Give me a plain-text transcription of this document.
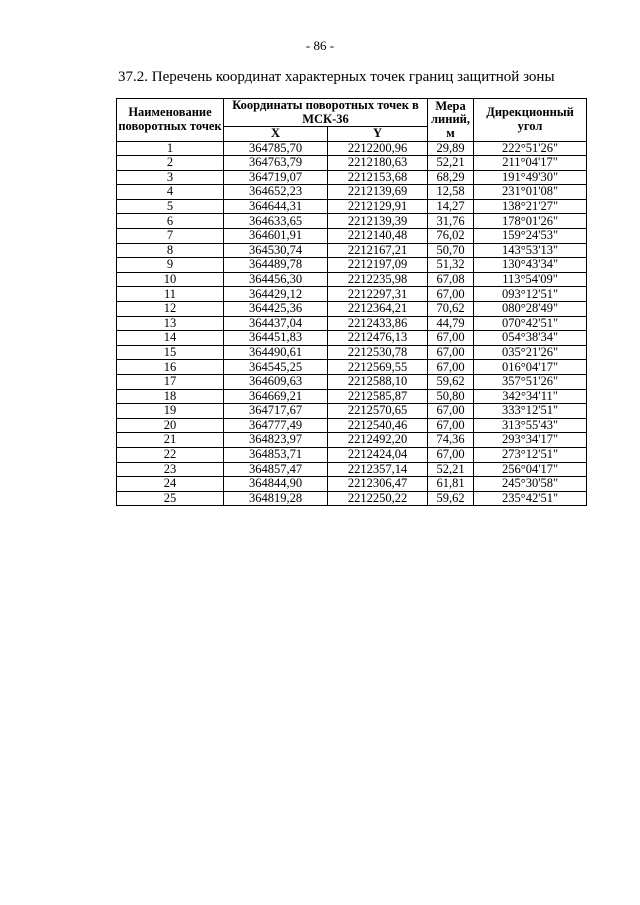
- 86 -
37.2. Перечень координат характерных точек границ защитной зоны
Наименование поворотных точек	Координаты поворотных точек в МСК-36		Мера линий, м	Дирекционный угол
	X	Y		
1	364785,70	2212200,96	29,89	222°51'26"
2	364763,79	2212180,63	52,21	211°04'17"
3	364719,07	2212153,68	68,29	191°49'30"
4	364652,23	2212139,69	12,58	231°01'08"
5	364644,31	2212129,91	14,27	138°21'27"
6	364633,65	2212139,39	31,76	178°01'26"
7	364601,91	2212140,48	76,02	159°24'53"
8	364530,74	2212167,21	50,70	143°53'13"
9	364489,78	2212197,09	51,32	130°43'34"
10	364456,30	2212235,98	67,08	113°54'09"
11	364429,12	2212297,31	67,00	093°12'51"
12	364425,36	2212364,21	70,62	080°28'49"
13	364437,04	2212433,86	44,79	070°42'51"
14	364451,83	2212476,13	67,00	054°38'34"
15	364490,61	2212530,78	67,00	035°21'26"
16	364545,25	2212569,55	67,00	016°04'17"
17	364609,63	2212588,10	59,62	357°51'26"
18	364669,21	2212585,87	50,80	342°34'11"
19	364717,67	2212570,65	67,00	333°12'51"
20	364777,49	2212540,46	67,00	313°55'43"
21	364823,97	2212492,20	74,36	293°34'17"
22	364853,71	2212424,04	67,00	273°12'51"
23	364857,47	2212357,14	52,21	256°04'17"
24	364844,90	2212306,47	61,81	245°30'58"
25	364819,28	2212250,22	59,62	235°42'51"
